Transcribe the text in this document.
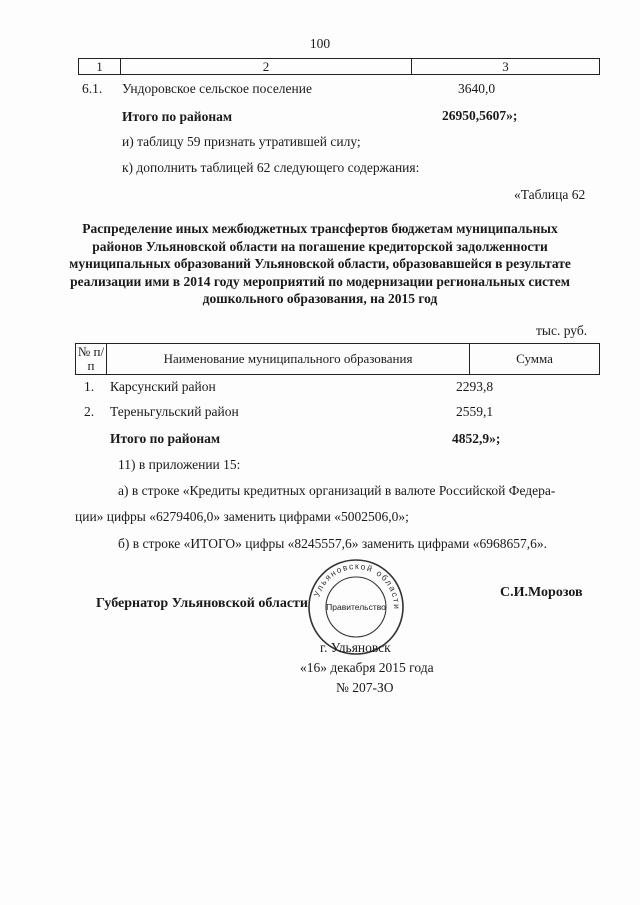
100
1	2	3
6.1. Ундоровское сельское поселение	3640,0
Итого по районам	26950,5607»;
и) таблицу 59 признать утратившей силу;
к) дополнить таблицей 62 следующего содержания:
«Таблица 62
Распределение иных межбюджетных трансфертов бюджетам муниципальных районов Ульяновской области на погашение кредиторской задолженности муниципальных образований Ульяновской области, образовавшейся в результате реализации ими в 2014 году мероприятий по модернизации региональных систем дошкольного образования, на 2015 год
тыс. руб.
№ п/п	Наименование муниципального образования	Сумма
1. Карсунский район	2293,8
2. Тереньгульский район	2559,1
Итого по районам	4852,9»;
11) в приложении 15:
а) в строке «Кредиты кредитных организаций в валюте Российской Федера-
ции» цифры «6279406,0» заменить цифрами «5002506,0»;
б) в строке «ИТОГО» цифры «8245557,6» заменить цифрами «6968657,6».
Губернатор Ульяновской области
С.И.Морозов
Ульяновской области
Правительство
г. Ульяновск
«16» декабря 2015 года
№ 207-ЗО
